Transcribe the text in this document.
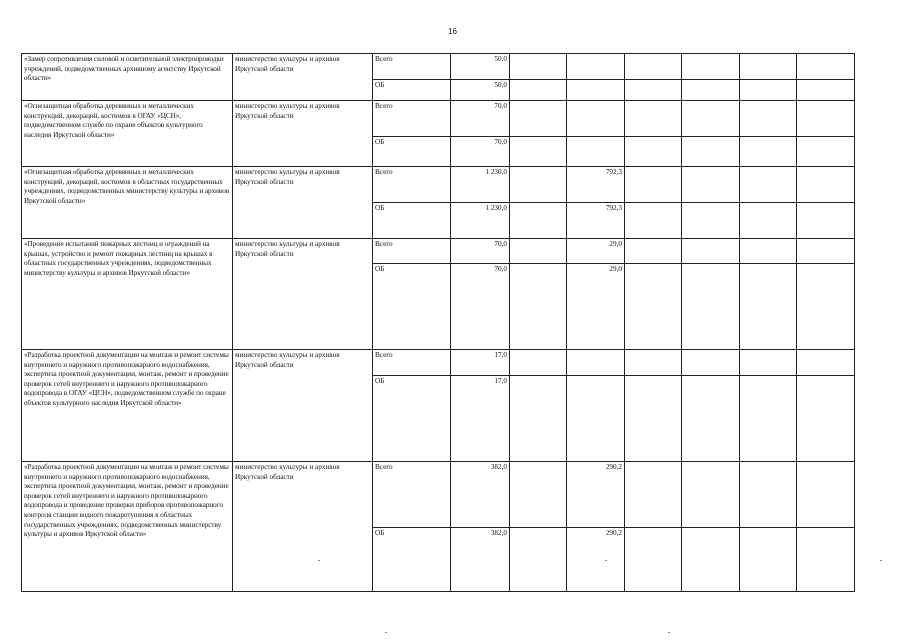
16
«Замер сопротивления силовой и осветительной электропроводки учреждений, подведомственных архивному агентству Иркутской области»	министерство культуры и архивов Иркутской области	Всего	50,0							
		ОБ	50,0							
«Огнезащитная обработка деревянных и металлических конструкций, декораций, костюмов в ОГАУ «ЦСН», подведомственном службе по охране объектов культурного наследия Иркутской области»	министерство культуры и архивов Иркутской области	Всего	70,0							
		ОБ	70,0							
«Огнезащитная обработка деревянных и металлических конструкций, декораций, костюмов в областных государственных учреждениях, подведомственных министерству культуры и архивов Иркутской области»	министерство культуры и архивов Иркутской области	Всего	1 230,0		792,3					
		ОБ	1 230,0		792,3					
«Проведение испытаний пожарных лестниц и ограждений на крышах, устройство и ремонт пожарных лестниц на крышах в областных государственных учреждениях, подведомственных министерству культуры и архивов Иркутской области»	министерство культуры и архивов Иркутской области	Всего	70,0		29,0					
		ОБ	70,0		29,0					
«Разработка проектной документации на монтаж и ремонт системы внутреннего и наружного противопожарного водоснабжения, экспертиза проектной документации, монтаж, ремонт и проведение проверок сетей внутреннего и наружного противопожарного водопровода в ОГАУ «ЦСН», подведомственном службе по охране объектов культурного наследия Иркутской области»	министерство культуры и архивов Иркутской области	Всего	17,0							
		ОБ	17,0							
«Разработка проектной документации на монтаж и ремонт системы внутреннего и наружного противопожарного водоснабжения, экспертиза проектной документации, монтаж, ремонт и проведение проверок сетей внутреннего и наружного противопожарного водопровода и проведение проверки приборов противопожарного контроля станции водного пожаротушения в областных государственных учреждениях, подведомственных министерству культуры и архивов Иркутской области»	министерство культуры и архивов Иркутской области	Всего	382,0		290,2					
		ОБ	382,0		290,2					
